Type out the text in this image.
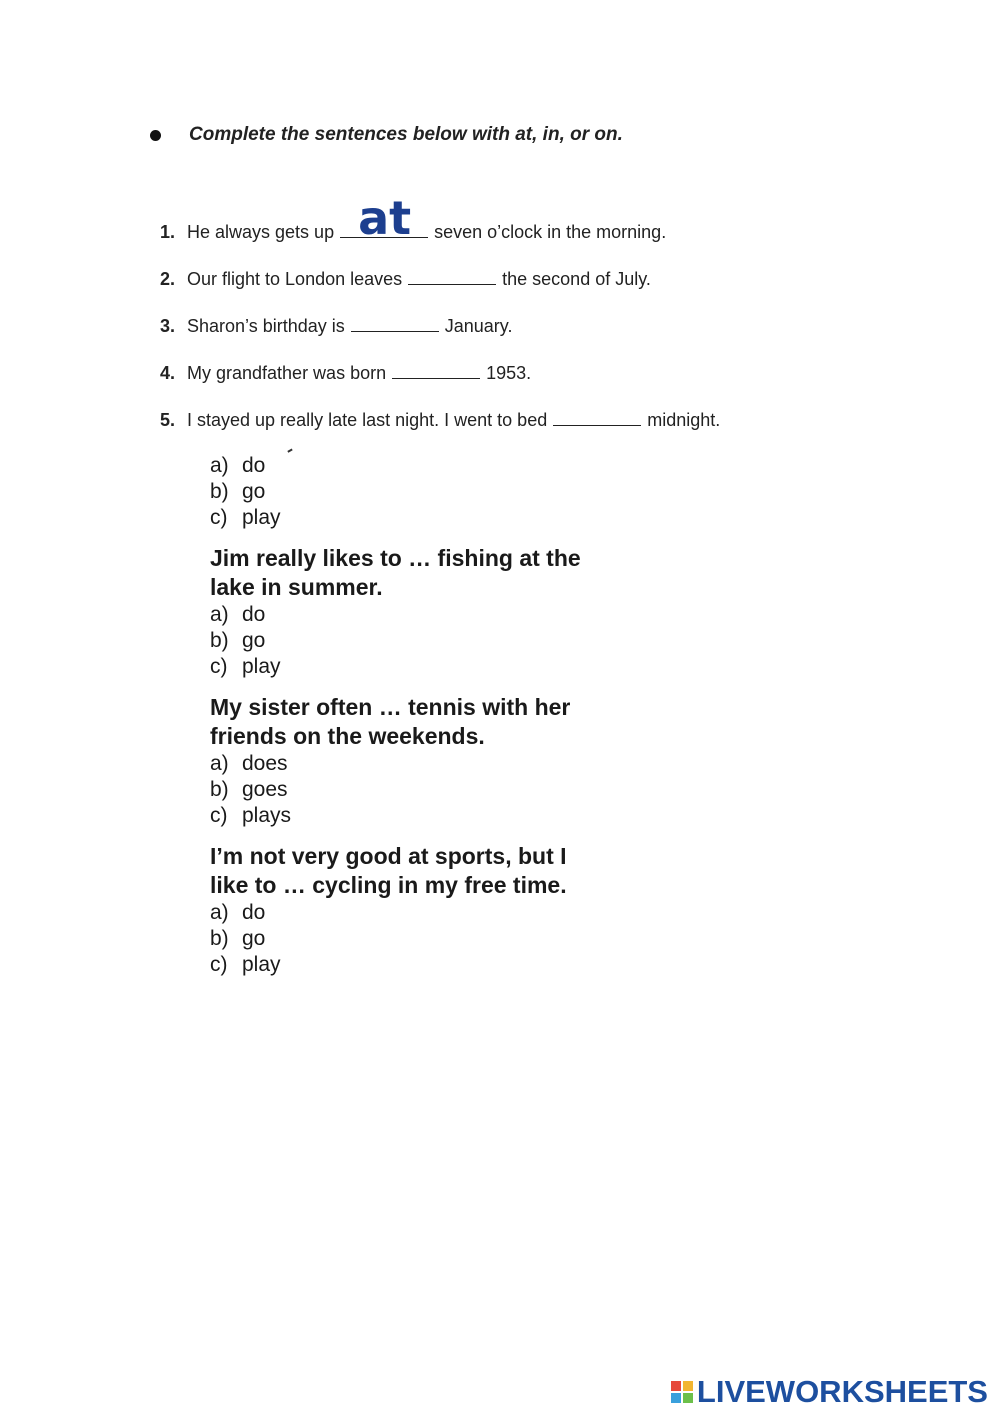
Complete the sentences below with at, in, or on.
1. He always gets up at seven o’clock in the morning.
2. Our flight to London leaves	the second of July.
3. Sharon’s birthday is	January.
4. My grandfather was born	1953.
5. I stayed up really late last night. I went to bed	midnight.
a) do
b) go
c) play
Jim really likes to … fishing at the
lake in summer.
a) do
b) go
c) play
My sister often … tennis with her
friends on the weekends.
a) does
b) goes
c) plays
I’m not very good at sports, but I
like to … cycling in my free time.
a) do
b) go
c) play
LIVEWORKSHEETS
